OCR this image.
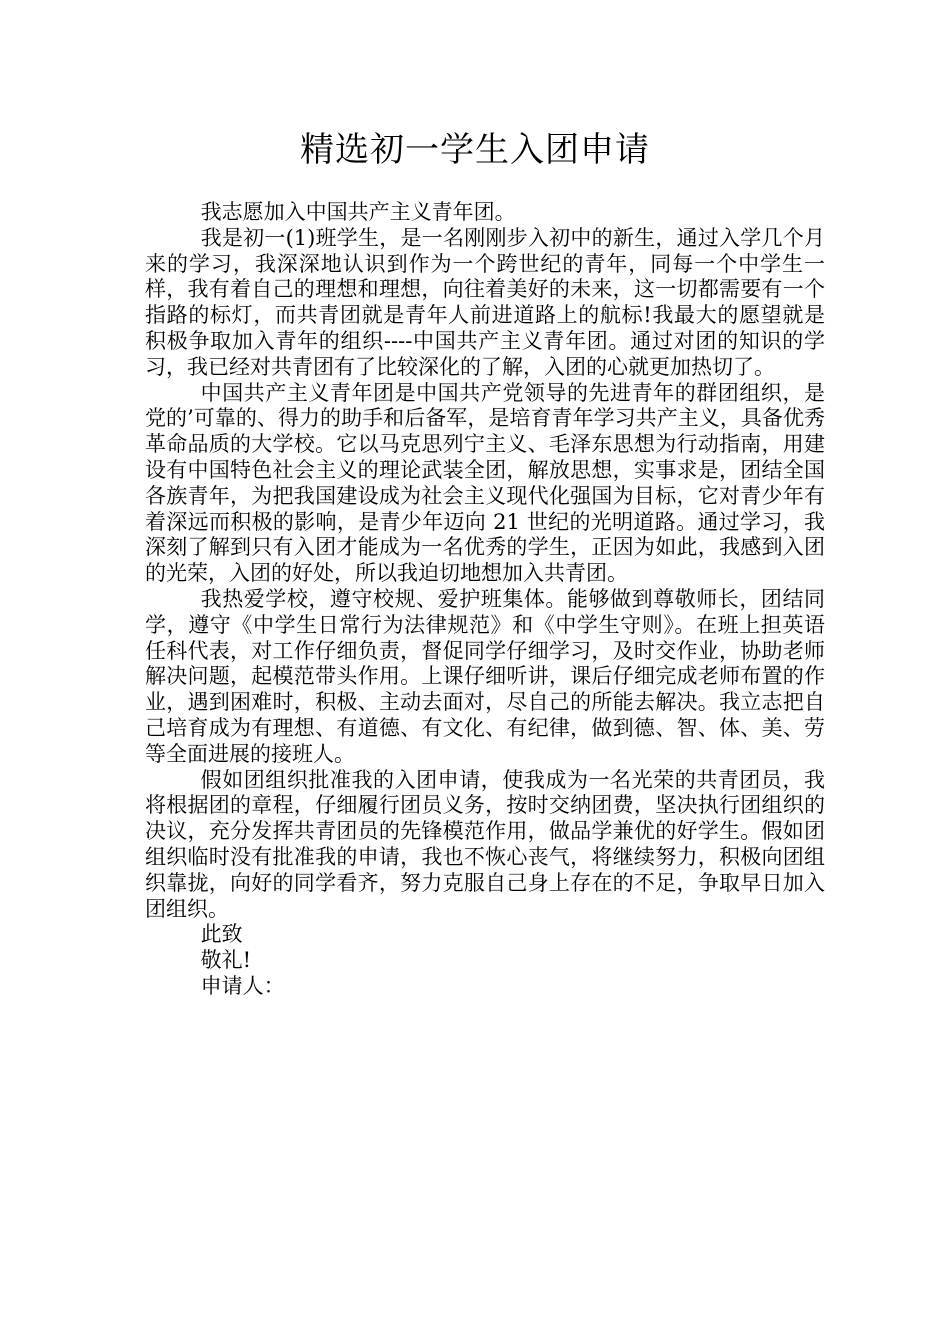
精选初一学生入团申请

我志愿加入中国共产主义青年团。

我是初一(1)班学生，是一名刚刚步入初中的新生，通过入学几个月来的学习，我深深地认识到作为一个跨世纪的青年，同每一个中学生一样，我有着自己的理想和理想，向往着美好的未来，这一切都需要有一个指路的标灯，而共青团就是青年人前进道路上的航标!我最大的愿望就是积极争取加入青年的组织----中国共产主义青年团。通过对团的知识的学习，我已经对共青团有了比较深化的了解，入团的心就更加热切了。

中国共产主义青年团是中国共产党领导的先进青年的群团组织，是党的’可靠的、得力的助手和后备军，是培育青年学习共产主义，具备优秀革命品质的大学校。它以马克思列宁主义、毛泽东思想为行动指南，用建设有中国特色社会主义的理论武装全团，解放思想，实事求是，团结全国各族青年，为把我国建设成为社会主义现代化强国为目标，它对青少年有着深远而积极的影响，是青少年迈向 21 世纪的光明道路。通过学习，我深刻了解到只有入团才能成为一名优秀的学生，正因为如此，我感到入团的光荣，入团的好处，所以我迫切地想加入共青团。

我热爱学校，遵守校规、爱护班集体。能够做到尊敬师长，团结同学，遵守《中学生日常行为法律规范》和《中学生守则》。在班上担英语任科代表，对工作仔细负责，督促同学仔细学习，及时交作业，协助老师解决问题，起模范带头作用。上课仔细听讲，课后仔细完成老师布置的作业，遇到困难时，积极、主动去面对，尽自己的所能去解决。我立志把自己培育成为有理想、有道德、有文化、有纪律，做到德、智、体、美、劳等全面进展的接班人。

假如团组织批准我的入团申请，使我成为一名光荣的共青团员，我将根据团的章程，仔细履行团员义务，按时交纳团费，坚决执行团组织的决议，充分发挥共青团员的先锋模范作用，做品学兼优的好学生。假如团组织临时没有批准我的申请，我也不恢心丧气，将继续努力，积极向团组织靠拢，向好的同学看齐，努力克服自己身上存在的不足，争取早日加入团组织。

此致

敬礼!

申请人：
